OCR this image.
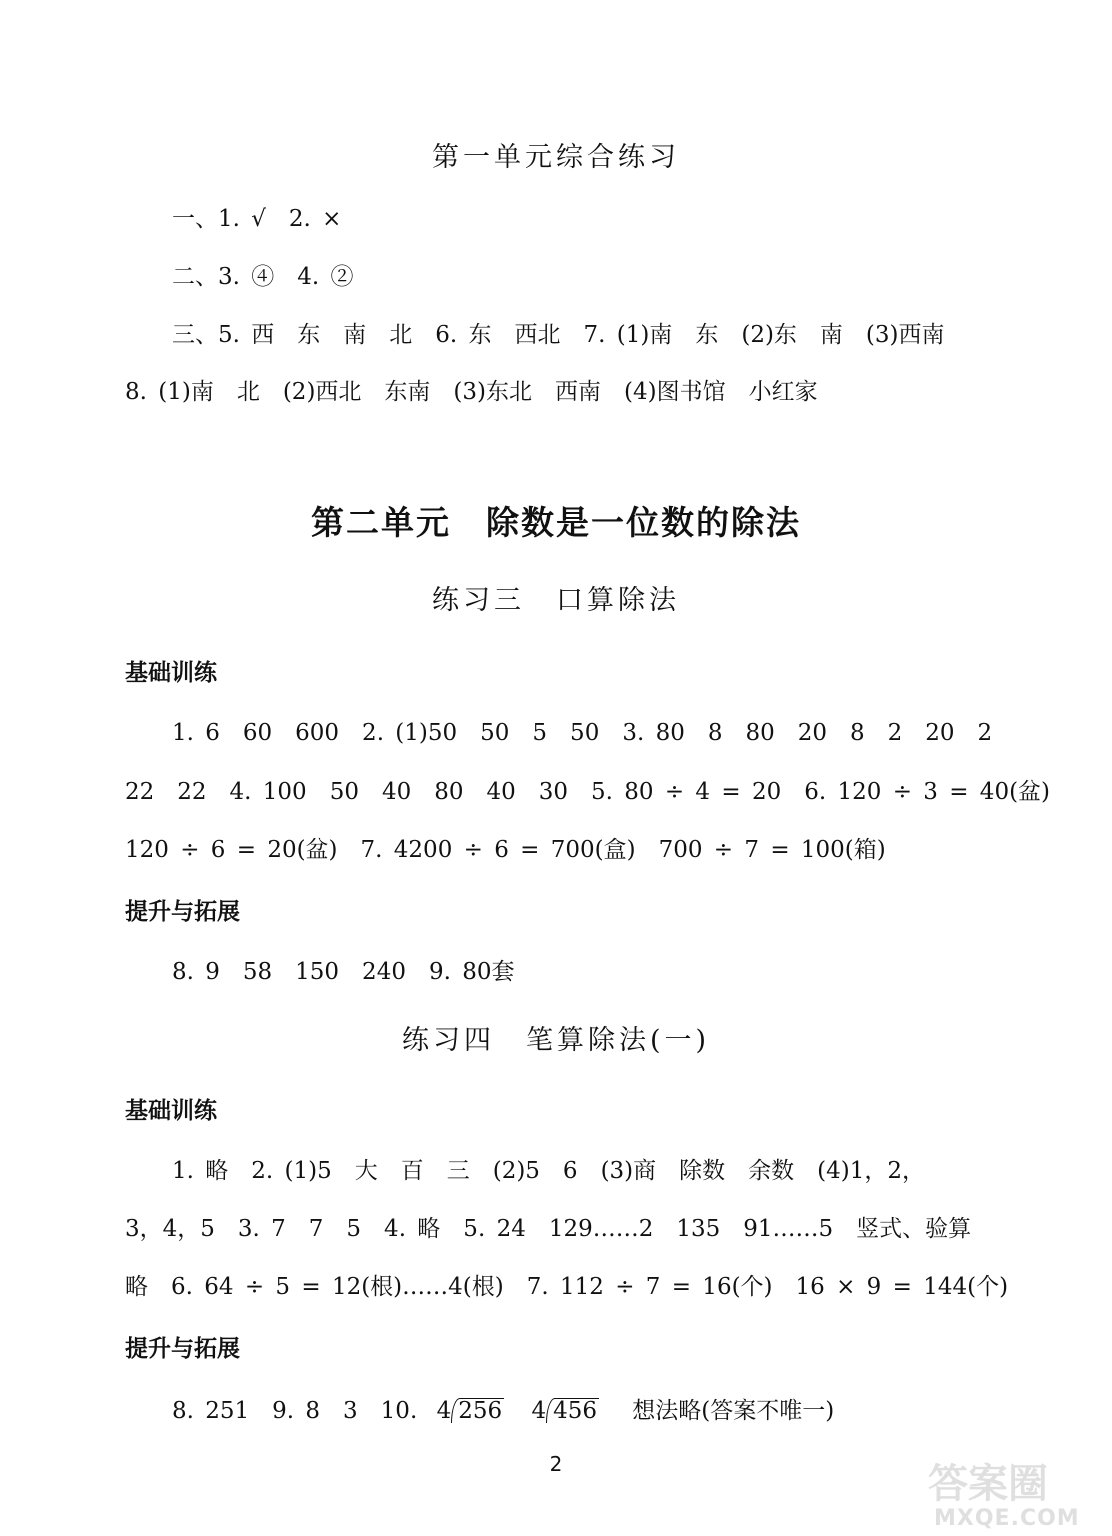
第一单元综合练习
一、1. √　2. ×
二、3. ④　4. ②
三、5. 西　东　南　北　6. 东　西北　7. (1)南　东　(2)东　南　(3)西南
8. (1)南　北　(2)西北　东南　(3)东北　西南　(4)图书馆　小红家
第二单元　除数是一位数的除法
练习三　口算除法
基础训练
1. 6　60　600　2. (1)50　50　5　50　3. 80　8　80　20　8　2　20　2
22　22　4. 100　50　40　80　40　30　5. 80 ÷ 4 = 20　6. 120 ÷ 3 = 40(盆)
120 ÷ 6 = 20(盆)　7. 4200 ÷ 6 = 700(盒)　700 ÷ 7 = 100(箱)
提升与拓展
8. 9　58　150　240　9. 80套
练习四　笔算除法(一)
基础训练
1. 略　2. (1)5　大　百　三　(2)5　6　(3)商　除数　余数　(4)1，2，
3，4，5　3. 7　7　5　4. 略　5. 24　129……2　135　91……5　竖式、验算
略　6. 64 ÷ 5 = 12(根)……4(根)　7. 112 ÷ 7 = 16(个)　16 × 9 = 144(个)
提升与拓展
8. 251　9. 8　3　10. 4 256 4 456 想法略(答案不唯一)
2	答案圈
MXQE.COM
